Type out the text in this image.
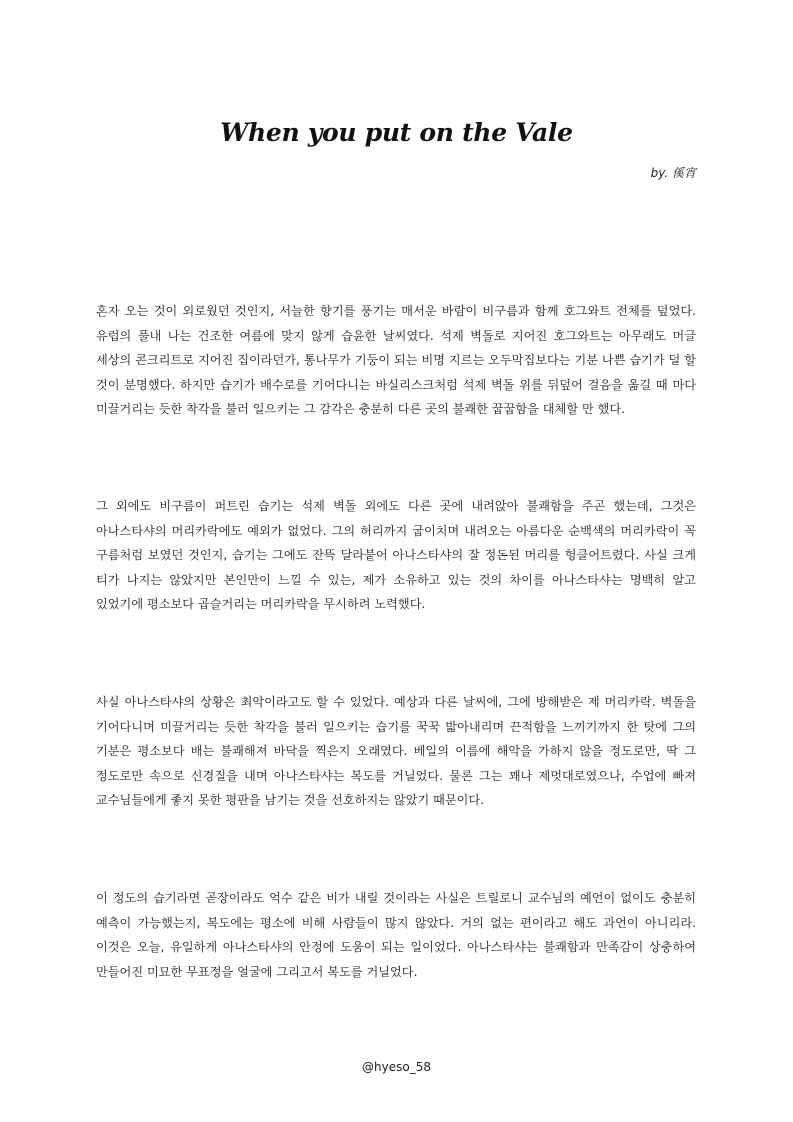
When you put on the Vale

by. 傒宵

혼자 오는 것이 외로웠던 것인지, 서늘한 향기를 풍기는 매서운 바람이 비구름과 함께 호그와트 전체를 덮었다. 유럽의 풀내 나는 건조한 여름에 맞지 않게 습윤한 날씨였다. 석제 벽돌로 지어진 호그와트는 아무래도 머글 세상의 콘크리트로 지어진 집이라던가, 통나무가 기둥이 되는 비명 지르는 오두막집보다는 기분 나쁜 습기가 덜 할 것이 분명했다. 하지만 습기가 배수로를 기어다니는 바실리스크처럼 석제 벽돌 위를 뒤덮어 걸음을 옮길 때 마다 미끌거리는 듯한 착각을 불러 일으키는 그 감각은 충분히 다른 곳의 불쾌한 꿉꿉함을 대체할 만 했다.

그 외에도 비구름이 퍼트린 습기는 석제 벽돌 외에도 다른 곳에 내려앉아 불쾌함을 주곤 했는데, 그것은 아나스타샤의 머리카락에도 예외가 없었다. 그의 허리까지 굽이치며 내려오는 아름다운 순백색의 머리카락이 꼭 구름처럼 보였던 것인지, 습기는 그에도 잔뜩 달라붙어 아나스타샤의 잘 정돈된 머리를 헝클어트렸다. 사실 크게 티가 나지는 않았지만 본인만이 느낄 수 있는, 제가 소유하고 있는 것의 차이를 아나스타샤는 명백히 알고 있었기에 평소보다 곱슬거리는 머리카락을 무시하려 노력했다.

사실 아나스타샤의 상황은 최악이라고도 할 수 있었다. 예상과 다른 날씨에, 그에 방해받은 제 머리카락. 벽돌을 기어다니며 미끌거리는 듯한 착각을 불러 일으키는 습기를 꾹꾹 밟아내리며 끈적함을 느끼기까지 한 탓에 그의 기분은 평소보다 배는 불쾌해져 바닥을 찍은지 오래였다. 베일의 이름에 해악을 가하지 않을 정도로만, 딱 그 정도로만 속으로 신경질을 내며 아나스타샤는 복도를 거닐었다. 물론 그는 꽤나 제멋대로였으나, 수업에 빠져 교수님들에게 좋지 못한 평판을 남기는 것을 선호하지는 않았기 때문이다.

이 정도의 습기라면 곧장이라도 억수 같은 비가 내릴 것이라는 사실은 트릴로니 교수님의 예언이 없이도 충분히 예측이 가능했는지, 복도에는 평소에 비해 사람들이 많지 않았다. 거의 없는 편이라고 해도 과언이 아니리라. 이것은 오늘, 유일하게 아나스타샤의 안정에 도움이 되는 일이었다. 아나스타샤는 불쾌함과 만족감이 상충하여 만들어진 미묘한 무표정을 얼굴에 그리고서 복도를 거닐었다.

@hyeso_58
